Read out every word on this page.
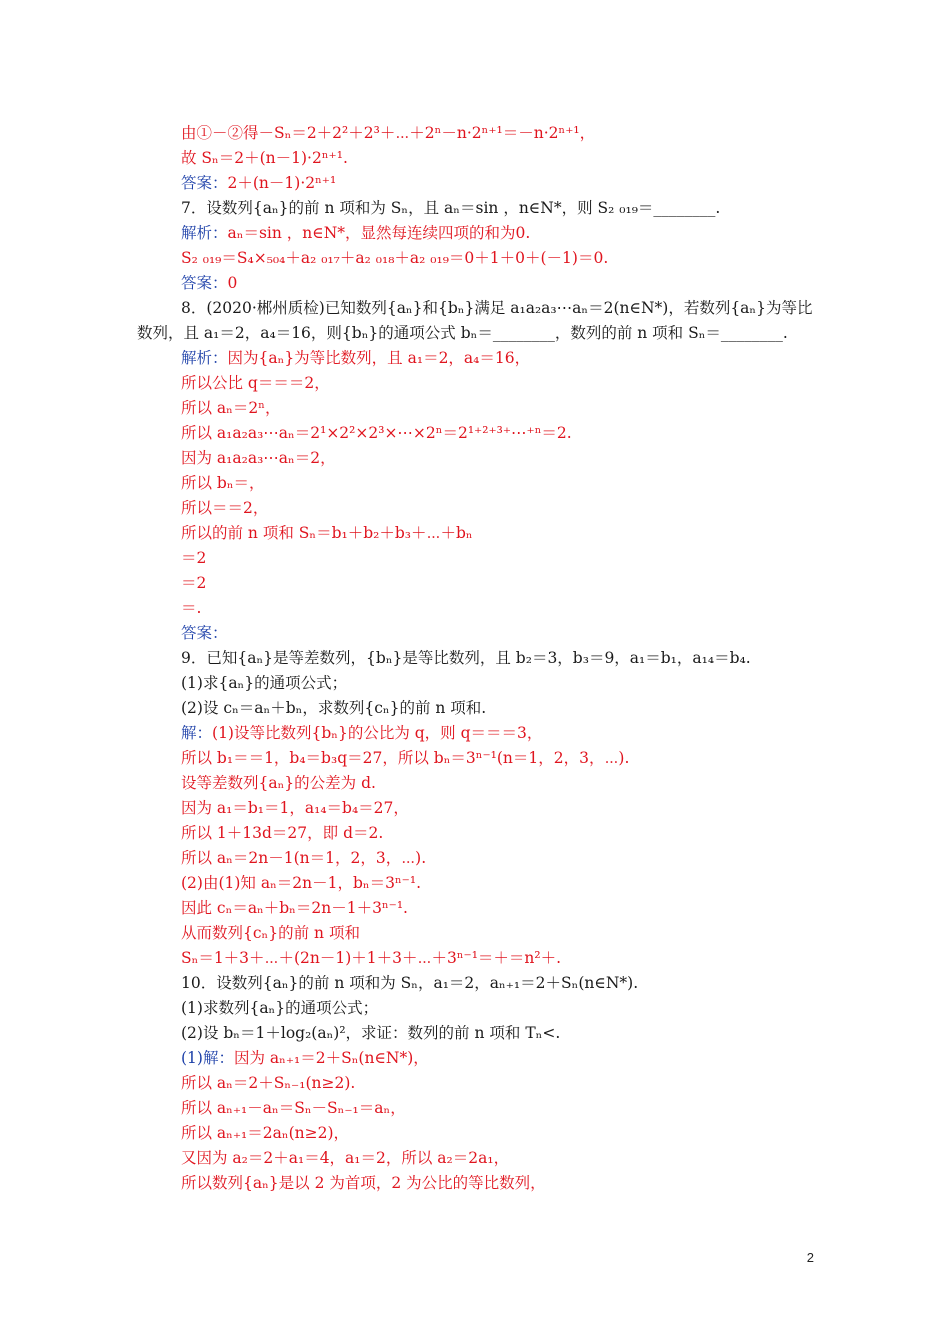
由①－②得－Sₙ＝2＋2²＋2³＋⋯＋2ⁿ－n·2ⁿ⁺¹＝－n·2ⁿ⁺¹，
故 Sₙ＝2＋(n－1)·2ⁿ⁺¹.
答案：2＋(n－1)·2ⁿ⁺¹
7．设数列{aₙ}的前 n 项和为 Sₙ，且 aₙ＝sin ，n∈N*，则 S₂ ₀₁₉＝________.
解析：aₙ＝sin ，n∈N*，显然每连续四项的和为0.
S₂ ₀₁₉＝S₄×₅₀₄＋a₂ ₀₁₇＋a₂ ₀₁₈＋a₂ ₀₁₉＝0＋1＋0＋(－1)＝0.
答案：0
8．(2020·郴州质检)已知数列{aₙ}和{bₙ}满足 a₁a₂a₃⋯aₙ＝2(n∈N*)，若数列{aₙ}为等比
数列，且 a₁＝2，a₄＝16，则{bₙ}的通项公式 bₙ＝________，数列的前 n 项和 Sₙ＝________.
解析：因为{aₙ}为等比数列，且 a₁＝2，a₄＝16，
所以公比 q＝＝＝2，
所以 aₙ＝2ⁿ，
所以 a₁a₂a₃⋯aₙ＝2¹×2²×2³×⋯×2ⁿ＝2¹⁺²⁺³⁺⋯⁺ⁿ＝2.
因为 a₁a₂a₃⋯aₙ＝2，
所以 bₙ＝，
所以＝＝2，
所以的前 n 项和 Sₙ＝b₁＋b₂＋b₃＋⋯＋bₙ
＝2
＝2
＝.
答案：
9．已知{aₙ}是等差数列，{bₙ}是等比数列，且 b₂＝3，b₃＝9，a₁＝b₁，a₁₄＝b₄.
(1)求{aₙ}的通项公式；
(2)设 cₙ＝aₙ＋bₙ，求数列{cₙ}的前 n 项和.
解：(1)设等比数列{bₙ}的公比为 q，则 q＝＝＝3，
所以 b₁＝＝1，b₄＝b₃q＝27，所以 bₙ＝3ⁿ⁻¹(n＝1，2，3，⋯).
设等差数列{aₙ}的公差为 d.
因为 a₁＝b₁＝1，a₁₄＝b₄＝27，
所以 1＋13d＝27，即 d＝2.
所以 aₙ＝2n－1(n＝1，2，3，⋯).
(2)由(1)知 aₙ＝2n－1，bₙ＝3ⁿ⁻¹.
因此 cₙ＝aₙ＋bₙ＝2n－1＋3ⁿ⁻¹.
从而数列{cₙ}的前 n 项和
Sₙ＝1＋3＋⋯＋(2n－1)＋1＋3＋⋯＋3ⁿ⁻¹＝＋＝n²＋.
10．设数列{aₙ}的前 n 项和为 Sₙ，a₁＝2，aₙ₊₁＝2＋Sₙ(n∈N*).
(1)求数列{aₙ}的通项公式；
(2)设 bₙ＝1＋log₂(aₙ)²，求证：数列的前 n 项和 Tₙ<.
(1)解：因为 aₙ₊₁＝2＋Sₙ(n∈N*)，
所以 aₙ＝2＋Sₙ₋₁(n≥2).
所以 aₙ₊₁－aₙ＝Sₙ－Sₙ₋₁＝aₙ，
所以 aₙ₊₁＝2aₙ(n≥2)，
又因为 a₂＝2＋a₁＝4，a₁＝2，所以 a₂＝2a₁，
所以数列{aₙ}是以 2 为首项，2 为公比的等比数列，
2
